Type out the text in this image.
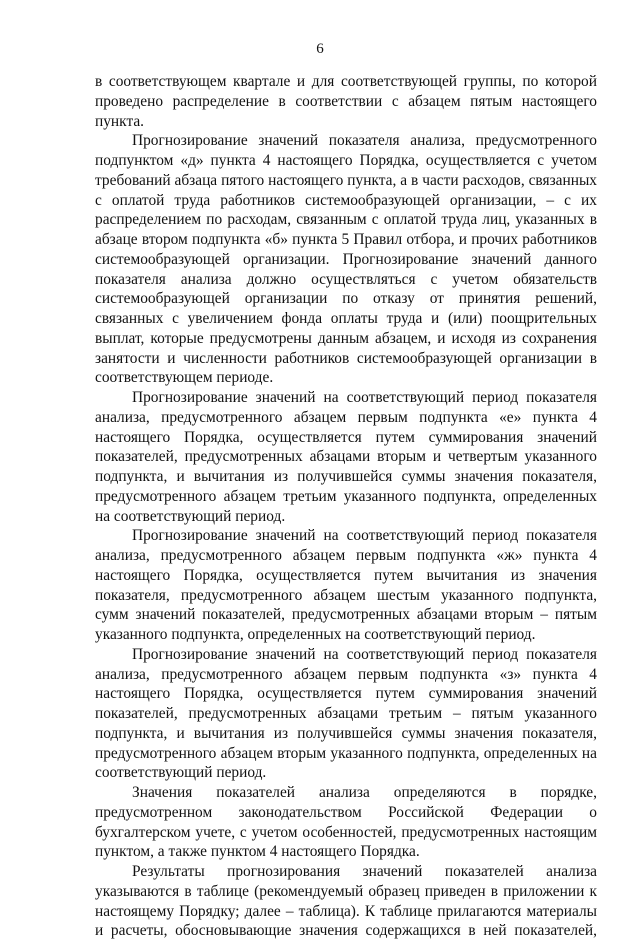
6

в соответствующем квартале и для соответствующей группы, по которой проведено распределение в соответствии с абзацем пятым настоящего пункта.

Прогнозирование значений показателя анализа, предусмотренного подпунктом «д» пункта 4 настоящего Порядка, осуществляется с учетом требований абзаца пятого настоящего пункта, а в части расходов, связанных с оплатой труда работников системообразующей организации, – с их распределением по расходам, связанным с оплатой труда лиц, указанных в абзаце втором подпункта «б» пункта 5 Правил отбора, и прочих работников системообразующей организации. Прогнозирование значений данного показателя анализа должно осуществляться с учетом обязательств системообразующей организации по отказу от принятия решений, связанных с увеличением фонда оплаты труда и (или) поощрительных выплат, которые предусмотрены данным абзацем, и исходя из сохранения занятости и численности работников системообразующей организации в соответствующем периоде.

Прогнозирование значений на соответствующий период показателя анализа, предусмотренного абзацем первым подпункта «е» пункта 4 настоящего Порядка, осуществляется путем суммирования значений показателей, предусмотренных абзацами вторым и четвертым указанного подпункта, и вычитания из получившейся суммы значения показателя, предусмотренного абзацем третьим указанного подпункта, определенных на соответствующий период.

Прогнозирование значений на соответствующий период показателя анализа, предусмотренного абзацем первым подпункта «ж» пункта 4 настоящего Порядка, осуществляется путем вычитания из значения показателя, предусмотренного абзацем шестым указанного подпункта, сумм значений показателей, предусмотренных абзацами вторым – пятым указанного подпункта, определенных на соответствующий период.

Прогнозирование значений на соответствующий период показателя анализа, предусмотренного абзацем первым подпункта «з» пункта 4 настоящего Порядка, осуществляется путем суммирования значений показателей, предусмотренных абзацами третьим – пятым указанного подпункта, и вычитания из получившейся суммы значения показателя, предусмотренного абзацем вторым указанного подпункта, определенных на соответствующий период.

Значения показателей анализа определяются в порядке, предусмотренном законодательством Российской Федерации о бухгалтерском учете, с учетом особенностей, предусмотренных настоящим пунктом, а также пунктом 4 настоящего Порядка.

Результаты прогнозирования значений показателей анализа указываются в таблице (рекомендуемый образец приведен в приложении к настоящему Порядку; далее – таблица). К таблице прилагаются материалы и расчеты, обосновывающие значения содержащихся в ней показателей,
